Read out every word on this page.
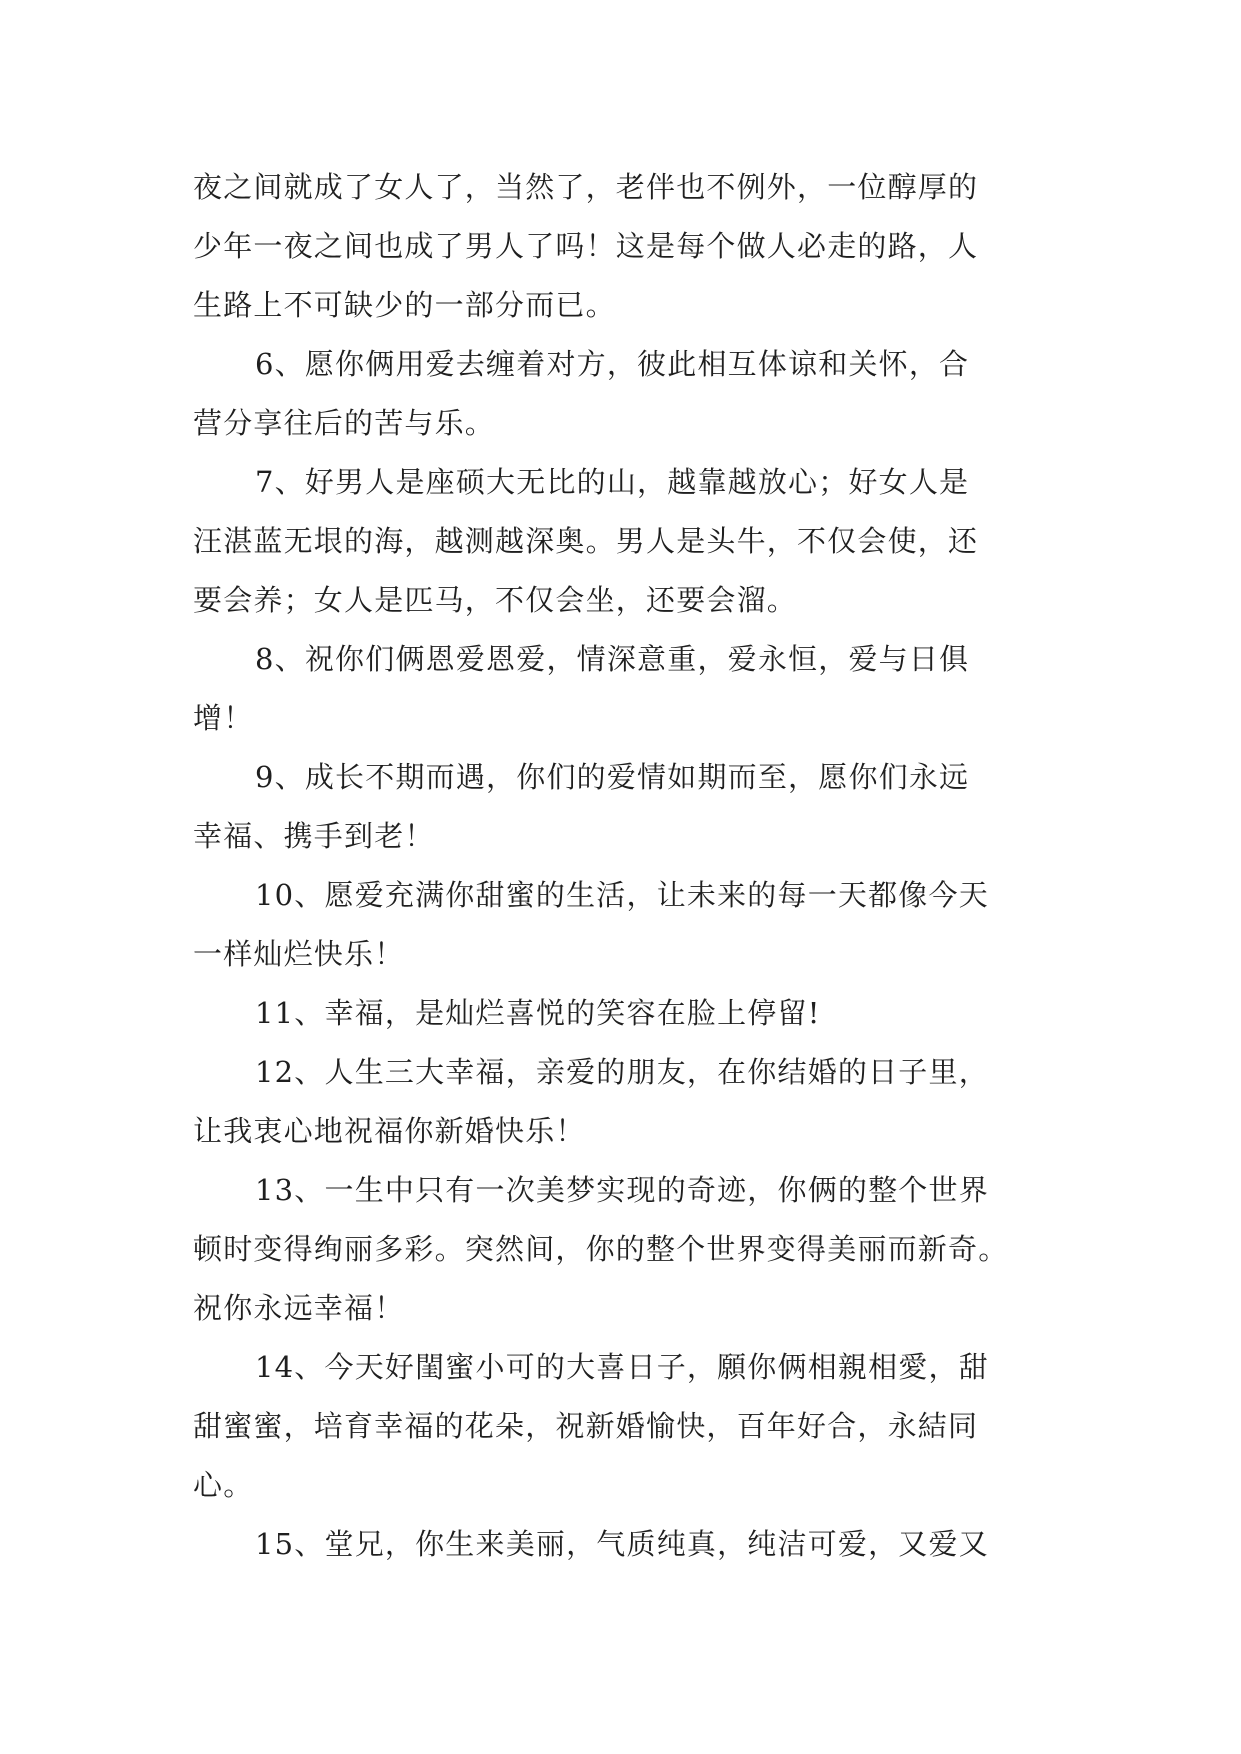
夜之间就成了女人了，当然了，老伴也不例外，一位醇厚的
少年一夜之间也成了男人了吗！这是每个做人必走的路，人
生路上不可缺少的一部分而已。
6、愿你俩用爱去缠着对方，彼此相互体谅和关怀，合
营分享往后的苦与乐。
7、好男人是座硕大无比的山，越靠越放心；好女人是
汪湛蓝无垠的海，越测越深奥。男人是头牛，不仅会使，还
要会养；女人是匹马，不仅会坐，还要会溜。
8、祝你们俩恩爱恩爱，情深意重，爱永恒，爱与日俱
增！
9、成长不期而遇，你们的爱情如期而至，愿你们永远
幸福、携手到老！
10、愿爱充满你甜蜜的生活，让未来的每一天都像今天
一样灿烂快乐！
11、幸福，是灿烂喜悦的笑容在脸上停留!
12、人生三大幸福，亲爱的朋友，在你结婚的日子里，
让我衷心地祝福你新婚快乐！
13、一生中只有一次美梦实现的奇迹，你俩的整个世界
顿时变得绚丽多彩。突然间，你的整个世界变得美丽而新奇。
祝你永远幸福！
14、今天好閨蜜小可的大喜日子，願你俩相親相愛，甜
甜蜜蜜，培育幸福的花朵，祝新婚愉快，百年好合，永結同
心。
15、堂兄，你生来美丽，气质纯真，纯洁可爱，又爱又
